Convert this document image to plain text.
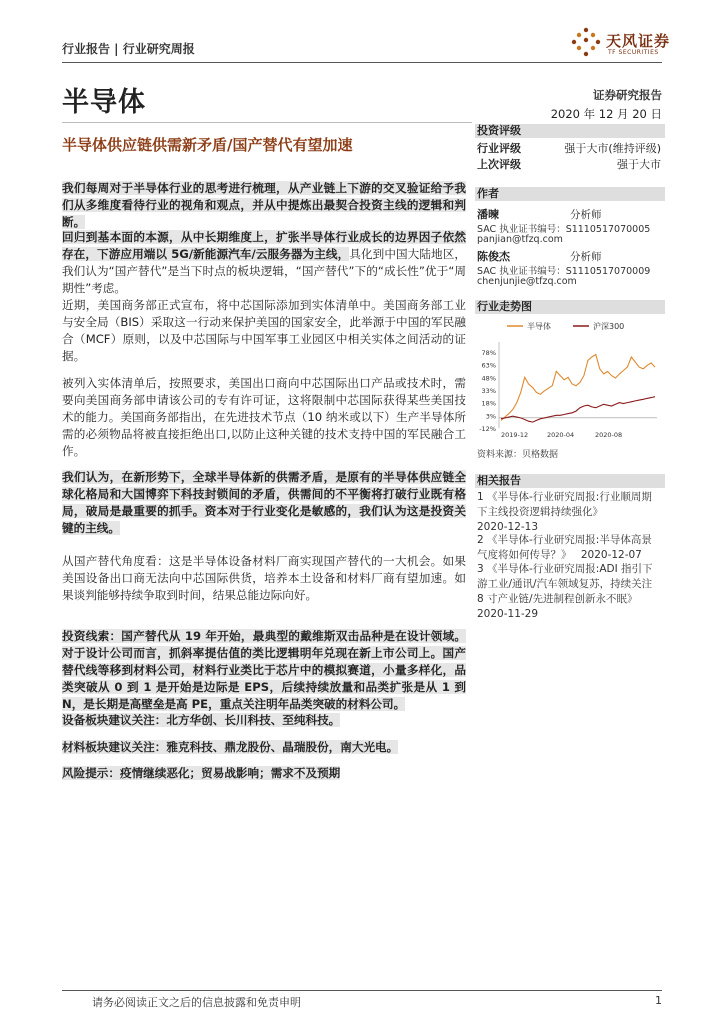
行业报告 | 行业研究周报	天风证券
TF SECURITIES
半导体	证券研究报告
2020 年 12 月 20 日
半导体供应链供需新矛盾/国产替代有望加速
投资评级
行业评级	强于大市(维持评级)
上次评级	强于大市
作者
潘暕	分析师
SAC 执业证书编号：S1110517070005
panjian@tfzq.com
陈俊杰	分析师
SAC 执业证书编号：S1110517070009
chenjunjie@tfzq.com
行业走势图
半导体	沪深300
-12%
3%
18%
33%
48%
63%
78%
2019-12	2020-04	2020-08
资料来源：贝格数据
相关报告
1 《半导体-行业研究周报:行业顺周期下主线投资逻辑持续强化》
2020-12-13
2 《半导体-行业研究周报:半导体高景气度将如何传导？》 2020-12-07
3 《半导体-行业研究周报:ADI 指引下游工业/通讯/汽车领域复苏，持续关注 8 寸产业链/先进制程创新永不眠》
2020-11-29
我们每周对于半导体行业的思考进行梳理，从产业链上下游的交叉验证给予我们从多维度看待行业的视角和观点，并从中提炼出最契合投资主线的逻辑和判断。
回归到基本面的本源，从中长期维度上，扩张半导体行业成长的边界因子依然存在，下游应用端以 5G/新能源汽车/云服务器为主线，具化到中国大陆地区，我们认为“国产替代”是当下时点的板块逻辑，“国产替代”下的“成长性”优于“周期性”考虑。
近期，美国商务部正式宣布，将中芯国际添加到实体清单中。美国商务部工业与安全局（BIS）采取这一行动来保护美国的国家安全，此举源于中国的军民融合（MCF）原则，以及中芯国际与中国军事工业园区中相关实体之间活动的证据。
被列入实体清单后，按照要求，美国出口商向中芯国际出口产品或技术时，需要向美国商务部申请该公司的专有许可证，这将限制中芯国际获得某些美国技术的能力。美国商务部指出，在先进技术节点（10 纳米或以下）生产半导体所需的必须物品将被直接拒绝出口,以防止这种关键的技术支持中国的军民融合工作。
我们认为，在新形势下，全球半导体新的供需矛盾，是原有的半导体供应链全球化格局和大国博弈下科技封锁间的矛盾，供需间的不平衡将打破行业既有格局，破局是最重要的抓手。资本对于行业变化是敏感的，我们认为这是投资关键的主线。
从国产替代角度看：这是半导体设备材料厂商实现国产替代的一大机会。如果美国设备出口商无法向中芯国际供货，培养本土设备和材料厂商有望加速。如果谈判能够持续争取到时间，结果总能边际向好。
投资线索：国产替代从 19 年开始，最典型的戴维斯双击品种是在设计领域。对于设计公司而言，抓斜率提估值的类比逻辑明年兑现在新上市公司上。国产替代线等移到材料公司，材料行业类比于芯片中的模拟赛道，小量多样化，品类突破从 0 到 1 是开始是边际是 EPS，后续持续放量和品类扩张是从 1 到 N，是长期是高壁垒是高 PE，重点关注明年品类突破的材料公司。
设备板块建议关注：北方华创、长川科技、至纯科技。
材料板块建议关注：雅克科技、鼎龙股份、晶瑞股份，南大光电。
风险提示：疫情继续恶化；贸易战影响；需求不及预期
请务必阅读正文之后的信息披露和免责申明	1
